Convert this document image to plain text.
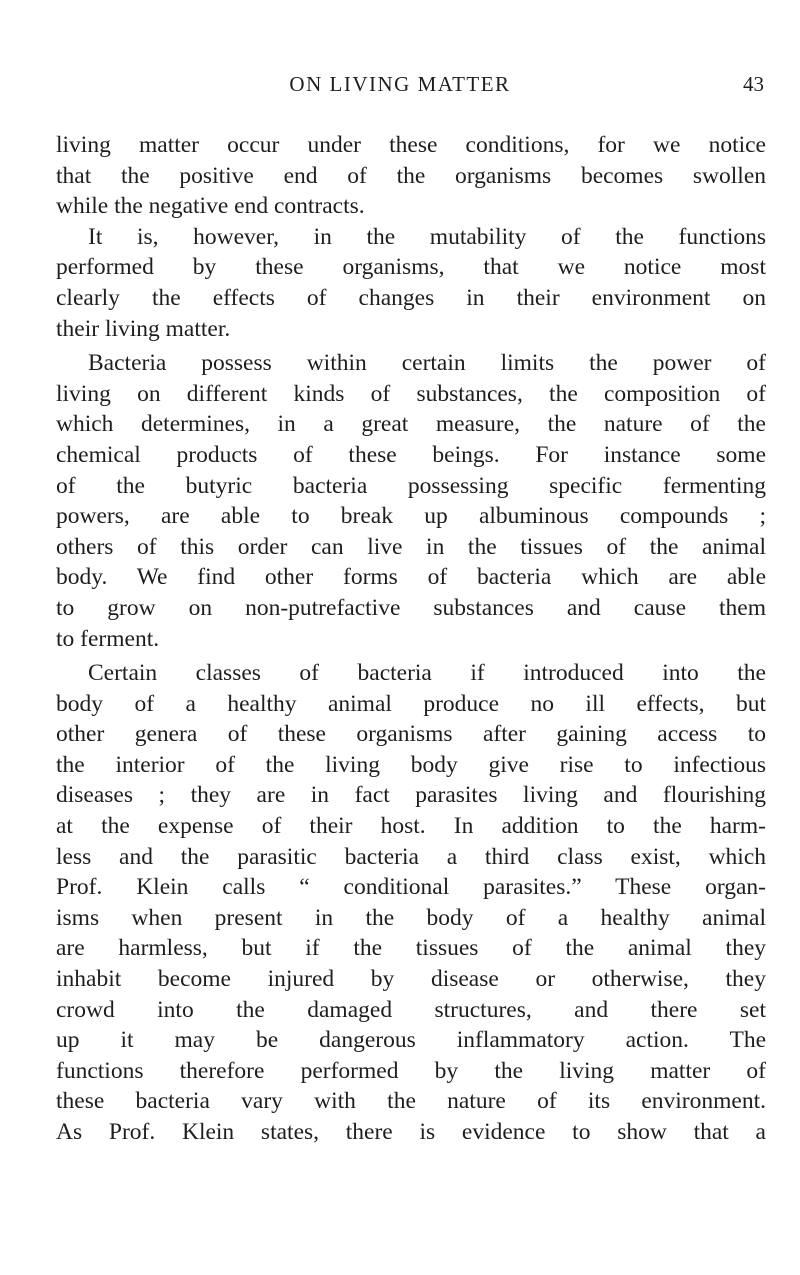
ON LIVING MATTER	43
living matter occur under these conditions, for we notice
that the positive end of the organisms becomes swollen
while the negative end contracts.
It is, however, in the mutability of the functions
performed by these organisms, that we notice most
clearly the effects of changes in their environment on
their living matter.
Bacteria possess within certain limits the power of
living on different kinds of substances, the composition of
which determines, in a great measure, the nature of the
chemical products of these beings. For instance some
of the butyric bacteria possessing specific fermenting
powers, are able to break up albuminous compounds ;
others of this order can live in the tissues of the animal
body. We find other forms of bacteria which are able
to grow on non-putrefactive substances and cause them
to ferment.
Certain classes of bacteria if introduced into the
body of a healthy animal produce no ill effects, but
other genera of these organisms after gaining access to
the interior of the living body give rise to infectious
diseases ; they are in fact parasites living and flourishing
at the expense of their host. In addition to the harm-
less and the parasitic bacteria a third class exist, which
Prof. Klein calls “ conditional parasites.” These organ-
isms when present in the body of a healthy animal
are harmless, but if the tissues of the animal they
inhabit become injured by disease or otherwise, they
crowd into the damaged structures, and there set
up it may be dangerous inflammatory action. The
functions therefore performed by the living matter of
these bacteria vary with the nature of its environment.
As Prof. Klein states, there is evidence to show that a
